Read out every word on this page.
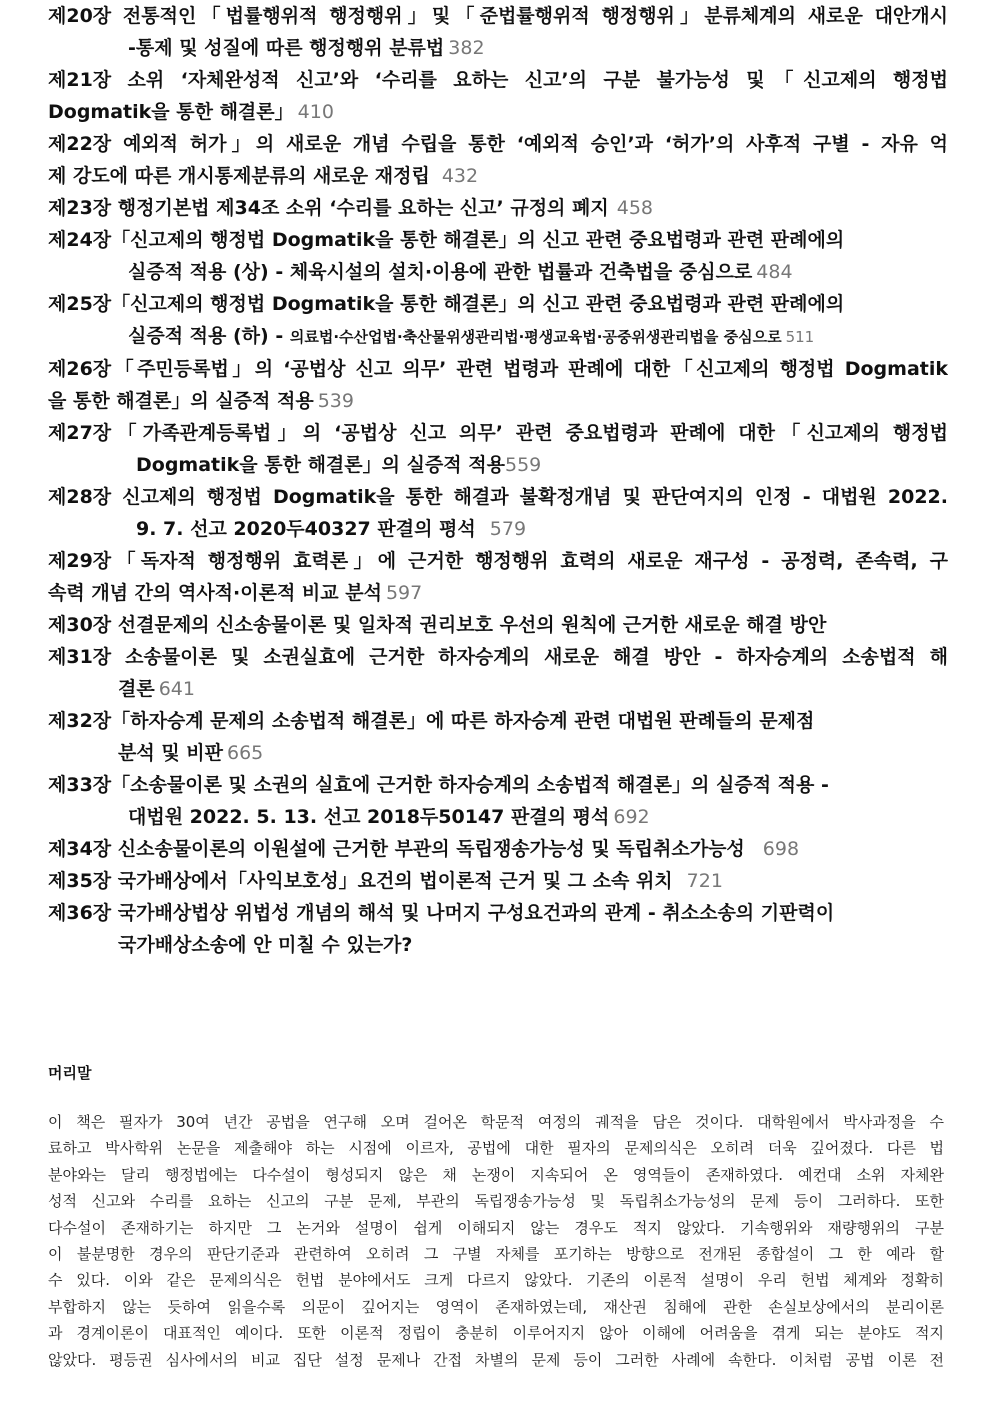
제20장 전통적인「법률행위적 행정행위」및「준법률행위적 행정행위」분류체계의 새로운 대안개시
-통제 및 성질에 따른 행정행위 분류법 382
제21장 소위 ‘자체완성적 신고’와 ‘수리를 요하는 신고’의 구분 불가능성 및「신고제의 행정법
Dogmatik을 통한 해결론」 410
제22장 예외적 허가」의 새로운 개념 수립을 통한 ‘예외적 승인’과 ‘허가’의 사후적 구별 - 자유 억
제 강도에 따른 개시통제분류의 새로운 재정립 432
제23장 행정기본법 제34조 소위 ‘수리를 요하는 신고’ 규정의 폐지 458
제24장「신고제의 행정법 Dogmatik을 통한 해결론」의 신고 관련 중요법령과 관련 판례에의
실증적 적용 (상) - 체육시설의 설치·이용에 관한 법률과 건축법을 중심으로 484
제25장「신고제의 행정법 Dogmatik을 통한 해결론」의 신고 관련 중요법령과 관련 판례에의
실증적 적용 (하) - 의료법·수산업법·축산물위생관리법·평생교육법·공중위생관리법을 중심으로 511
제26장「주민등록법」의 ‘공법상 신고 의무’ 관련 법령과 판례에 대한「신고제의 행정법 Dogmatik
을 통한 해결론」의 실증적 적용 539
제27장「가족관계등록법」의 ‘공법상 신고 의무’ 관련 중요법령과 판례에 대한「신고제의 행정법
Dogmatik을 통한 해결론」의 실증적 적용559
제28장 신고제의 행정법 Dogmatik을 통한 해결과 불확정개념 및 판단여지의 인정 - 대법원 2022.
9. 7. 선고 2020두40327 판결의 평석 579
제29장「독자적 행정행위 효력론」에 근거한 행정행위 효력의 새로운 재구성 - 공정력, 존속력, 구
속력 개념 간의 역사적·이론적 비교 분석 597
제30장 선결문제의 신소송물이론 및 일차적 권리보호 우선의 원칙에 근거한 새로운 해결 방안
제31장 소송물이론 및 소권실효에 근거한 하자승계의 새로운 해결 방안 - 하자승계의 소송법적 해
결론 641
제32장「하자승계 문제의 소송법적 해결론」에 따른 하자승계 관련 대법원 판례들의 문제점
분석 및 비판 665
제33장「소송물이론 및 소권의 실효에 근거한 하자승계의 소송법적 해결론」의 실증적 적용 -
대법원 2022. 5. 13. 선고 2018두50147 판결의 평석 692
제34장 신소송물이론의 이원설에 근거한 부관의 독립쟁송가능성 및 독립취소가능성 698
제35장 국가배상에서「사익보호성」요건의 법이론적 근거 및 그 소속 위치 721
제36장 국가배상법상 위법성 개념의 해석 및 나머지 구성요건과의 관계 - 취소소송의 기판력이
국가배상소송에 안 미칠 수 있는가?
머리말
이 책은 필자가 30여 년간 공법을 연구해 오며 걸어온 학문적 여정의 궤적을 담은 것이다. 대학원에서 박사과정을 수
료하고 박사학위 논문을 제출해야 하는 시점에 이르자, 공법에 대한 필자의 문제의식은 오히려 더욱 깊어졌다. 다른 법
분야와는 달리 행정법에는 다수설이 형성되지 않은 채 논쟁이 지속되어 온 영역들이 존재하였다. 예컨대 소위 자체완
성적 신고와 수리를 요하는 신고의 구분 문제, 부관의 독립쟁송가능성 및 독립취소가능성의 문제 등이 그러하다. 또한
다수설이 존재하기는 하지만 그 논거와 설명이 쉽게 이해되지 않는 경우도 적지 않았다. 기속행위와 재량행위의 구분
이 불분명한 경우의 판단기준과 관련하여 오히려 그 구별 자체를 포기하는 방향으로 전개된 종합설이 그 한 예라 할
수 있다. 이와 같은 문제의식은 헌법 분야에서도 크게 다르지 않았다. 기존의 이론적 설명이 우리 헌법 체계와 정확히
부합하지 않는 듯하여 읽을수록 의문이 깊어지는 영역이 존재하였는데, 재산권 침해에 관한 손실보상에서의 분리이론
과 경계이론이 대표적인 예이다. 또한 이론적 정립이 충분히 이루어지지 않아 이해에 어려움을 겪게 되는 분야도 적지
않았다. 평등권 심사에서의 비교 집단 설정 문제나 간접 차별의 문제 등이 그러한 사례에 속한다. 이처럼 공법 이론 전
